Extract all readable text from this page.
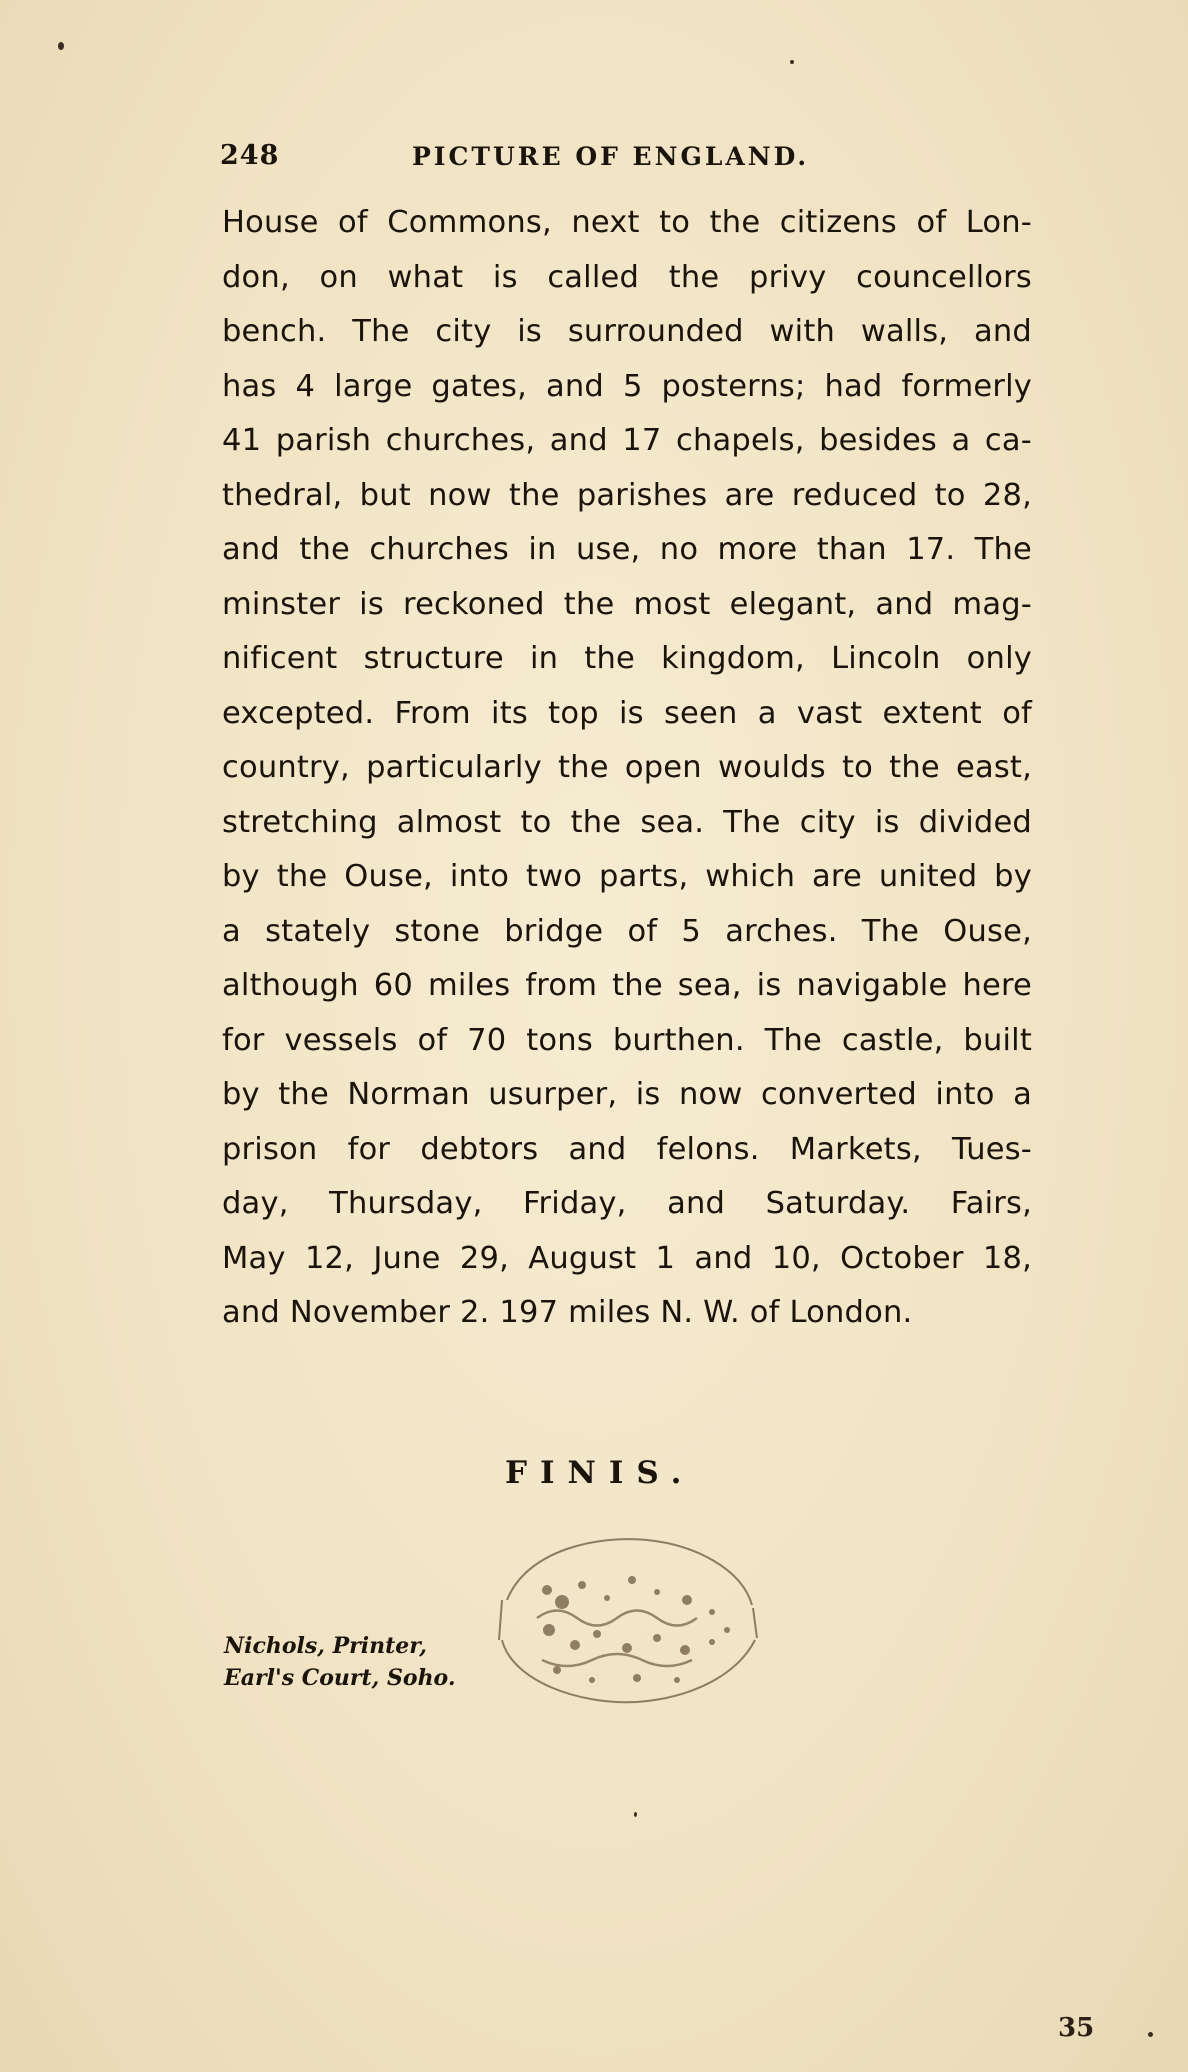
248	PICTURE OF ENGLAND.
House of Commons, next to the citizens of Lon-
don, on what is called the privy councellors
bench. The city is surrounded with walls, and
has 4 large gates, and 5 posterns; had formerly
41 parish churches, and 17 chapels, besides a ca-
thedral, but now the parishes are reduced to 28,
and the churches in use, no more than 17. The
minster is reckoned the most elegant, and mag-
nificent structure in the kingdom, Lincoln only
excepted. From its top is seen a vast extent of
country, particularly the open woulds to the east,
stretching almost to the sea. The city is divided
by the Ouse, into two parts, which are united by
a stately stone bridge of 5 arches. The Ouse,
although 60 miles from the sea, is navigable here
for vessels of 70 tons burthen. The castle, built
by the Norman usurper, is now converted into a
prison for debtors and felons. Markets, Tues-
day, Thursday, Friday, and Saturday. Fairs,
May 12, June 29, August 1 and 10, October 18,
and November 2. 197 miles N. W. of London.
FINIS.
Nichols, Printer,
Earl's Court, Soho.
35
